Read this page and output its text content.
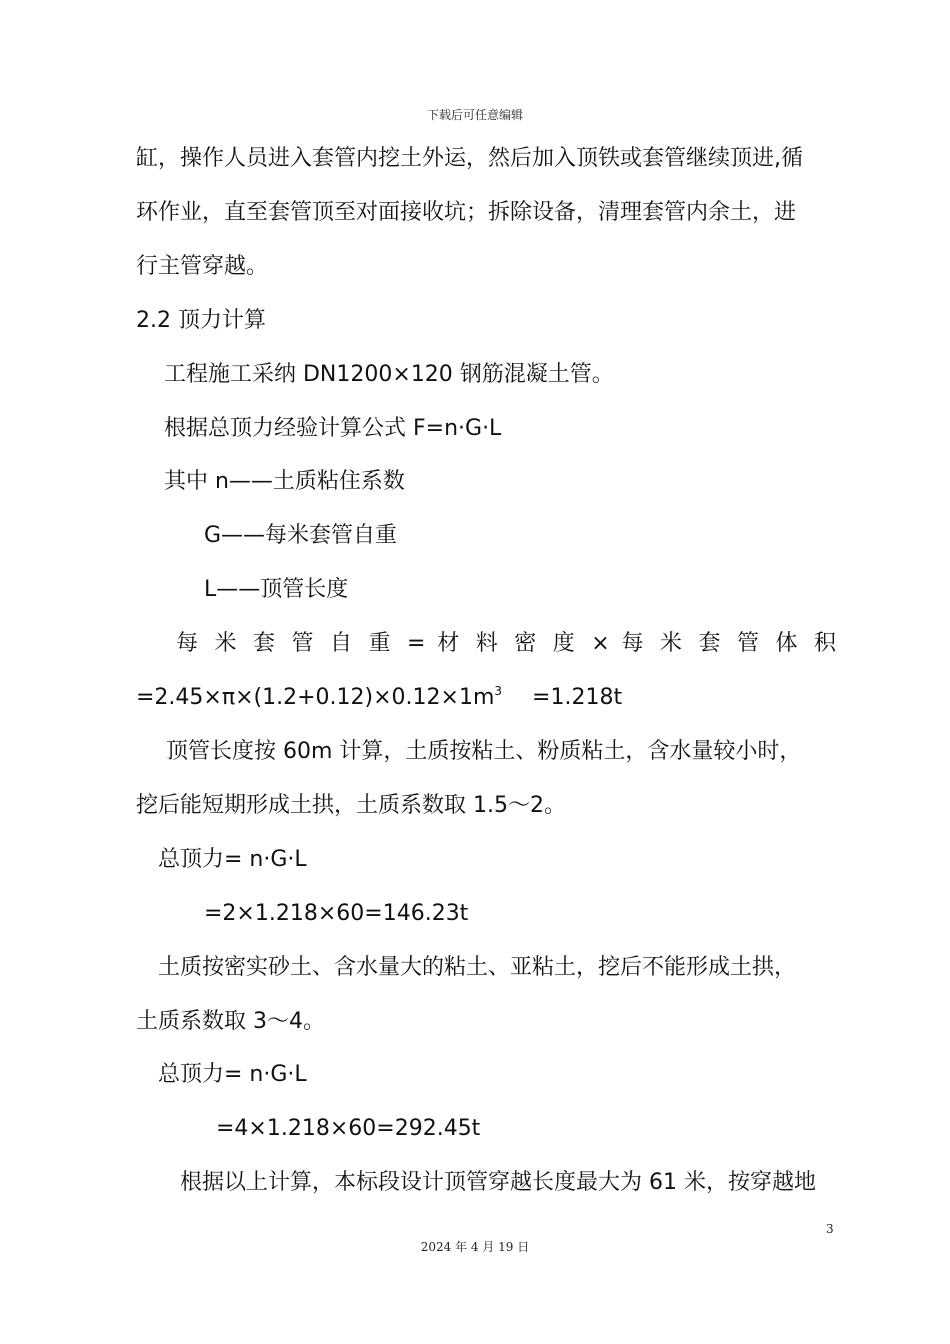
下载后可任意编辑
缸，操作人员进入套管内挖土外运，然后加入顶铁或套管继续顶进,循
环作业，直至套管顶至对面接收坑；拆除设备，清理套管内余土，进
行主管穿越。
2.2 顶力计算
工程施工采纳 DN1200×120 钢筋混凝土管。
根据总顶力经验计算公式 F=n·G·L
其中 n——土质粘住系数
G——每米套管自重
L——顶管长度
每 米 套 管 自 重 = 材 料 密 度 × 每 米 套 管 体 积
$=2.45\times\pi\times(1.2+0.12)\times 0.12\times 1m^3 =1.218t$
顶管长度按 60m 计算，土质按粘土、粉质粘土，含水量较小时，
挖后能短期形成土拱，土质系数取 1.5～2。
总顶力= n·G·L
=2×1.218×60=146.23t
土质按密实砂土、含水量大的粘土、亚粘土，挖后不能形成土拱，
土质系数取 3～4。
总顶力= n·G·L
=4×1.218×60=292.45t
根据以上计算，本标段设计顶管穿越长度最大为 61 米，按穿越地
3
2024 年 4 月 19 日
